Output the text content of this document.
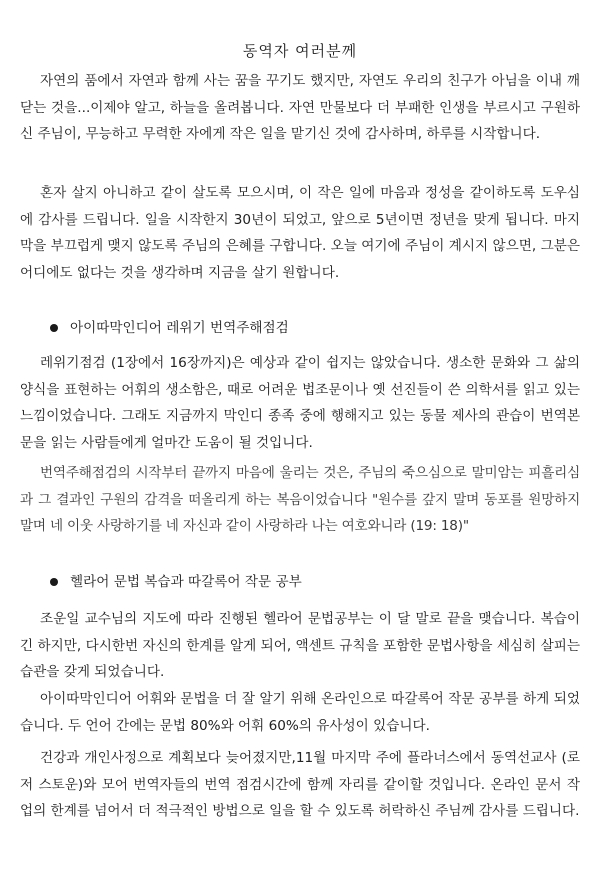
동역자 여러분께

자연의 품에서 자연과 함께 사는 꿈을 꾸기도 했지만, 자연도 우리의 친구가 아님을 이내 깨닫는 것을...이제야 알고, 하늘을 올려봅니다. 자연 만물보다 더 부패한 인생을 부르시고 구원하신 주님이, 무능하고 무력한 자에게 작은 일을 맡기신 것에 감사하며, 하루를 시작합니다.

혼자 살지 아니하고 같이 살도록 모으시며, 이 작은 일에 마음과 정성을 같이하도록 도우심에 감사를 드립니다. 일을 시작한지 30년이 되었고, 앞으로 5년이면 정년을 맞게 됩니다. 마지막을 부끄럽게 맺지 않도록 주님의 은혜를 구합니다. 오늘 여기에 주님이 계시지 않으면, 그분은 어디에도 없다는 것을 생각하며 지금을 살기 원합니다.

아이따막인디어 레위기 번역주해점검

레위기점검 (1장에서 16장까지)은 예상과 같이 쉽지는 않았습니다. 생소한 문화와 그 삶의 양식을 표현하는 어휘의 생소함은, 때로 어려운 법조문이나 옛 선진들이 쓴 의학서를 읽고 있는 느낌이었습니다. 그래도 지금까지 막인디 종족 중에 행해지고 있는 동물 제사의 관습이 번역본문을 읽는 사람들에게 얼마간 도움이 될 것입니다.

번역주해점검의 시작부터 끝까지 마음에 울리는 것은, 주님의 죽으심으로 말미암는 피흘리심과 그 결과인 구원의 감격을 떠올리게 하는 복음이었습니다 "원수를 갚지 말며 동포를 원망하지 말며 네 이웃 사랑하기를 네 자신과 같이 사랑하라 나는 여호와니라 (19: 18)"

헬라어 문법 복습과 따갈록어 작문 공부

조운일 교수님의 지도에 따라 진행된 헬라어 문법공부는 이 달 말로 끝을 맺습니다. 복습이긴 하지만, 다시한번 자신의 한계를 알게 되어, 액센트 규칙을 포함한 문법사항을 세심히 살피는 습관을 갖게 되었습니다.

아이따막인디어 어휘와 문법을 더 잘 알기 위해 온라인으로 따갈록어 작문 공부를 하게 되었습니다. 두 언어 간에는 문법 80%와 어휘 60%의 유사성이 있습니다.

건강과 개인사정으로 계획보다 늦어졌지만,11월 마지막 주에 플라너스에서 동역선교사 (로저 스토운)와 모어 번역자들의 번역 점검시간에 함께 자리를 같이할 것입니다. 온라인 문서 작업의 한계를 넘어서 더 적극적인 방법으로 일을 할 수 있도록 허락하신 주님께 감사를 드립니다.
